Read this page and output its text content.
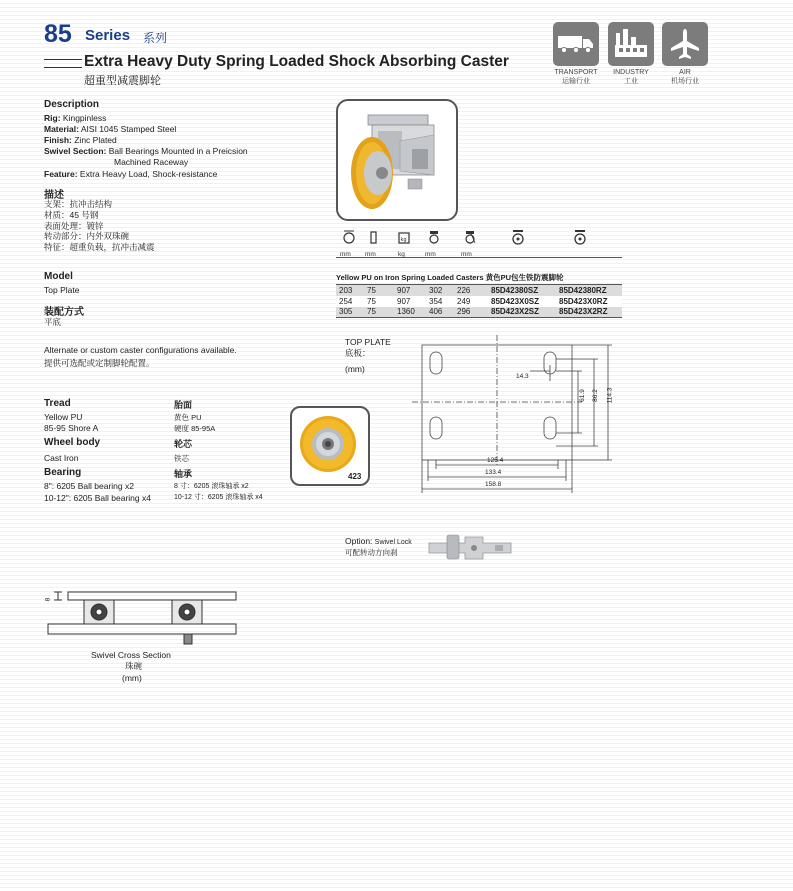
85 Series 系列
Extra Heavy Duty Spring Loaded Shock Absorbing Caster
超重型减震脚轮
TRANSPORT
运输行业
INDUSTRY
工业
AIR
机场行业
Description
Rig: Kingpinless
Material: AISI 1045 Stamped Steel
Finish: Zinc Plated
Swivel Section: Ball Bearings Mounted in a Preicsion
Machined Raceway
Feature: Extra Heavy Load, Shock-resistance
描述
支架：抗冲击结构
材质：45 号钢
表面处理：镀锌
转动部分：内外双珠碗
特征：超重负载，抗冲击减震
Model
Top Plate
装配方式
平底
Alternate or custom caster configurations available.
提供可选配或定制脚轮配置。
Tread
Yellow PU
85-95 Shore A
胎面
黄色 PU
硬度 85-95A
Wheel body
Cast Iron
轮芯
铁芯
Bearing
8": 6205 Ball bearing x2
10-12": 6205 Ball bearing x4
轴承
8 寸：6205 滚珠轴承 x2
10-12 寸：6205 滚珠轴承 x4
423
kg
mm mm	kg	mm	mm
Yellow PU on Iron Spring Loaded Casters 黄色PU包生铁防震脚轮
203	75	907	302	226	85D42380SZ	85D42380RZ
254	75	907	354	249	85D423X0SZ	85D423X0RZ
305	75	1360	406	296	85D423X2SZ	85D423X2RZ
TOP PLATE
底板：
(mm)
14.3
61.9 86.2 114.3
125.4
133.4
158.8
Option: Swivel Lock
可配转动方向刹
8
Swivel Cross Section
珠碗
(mm)
